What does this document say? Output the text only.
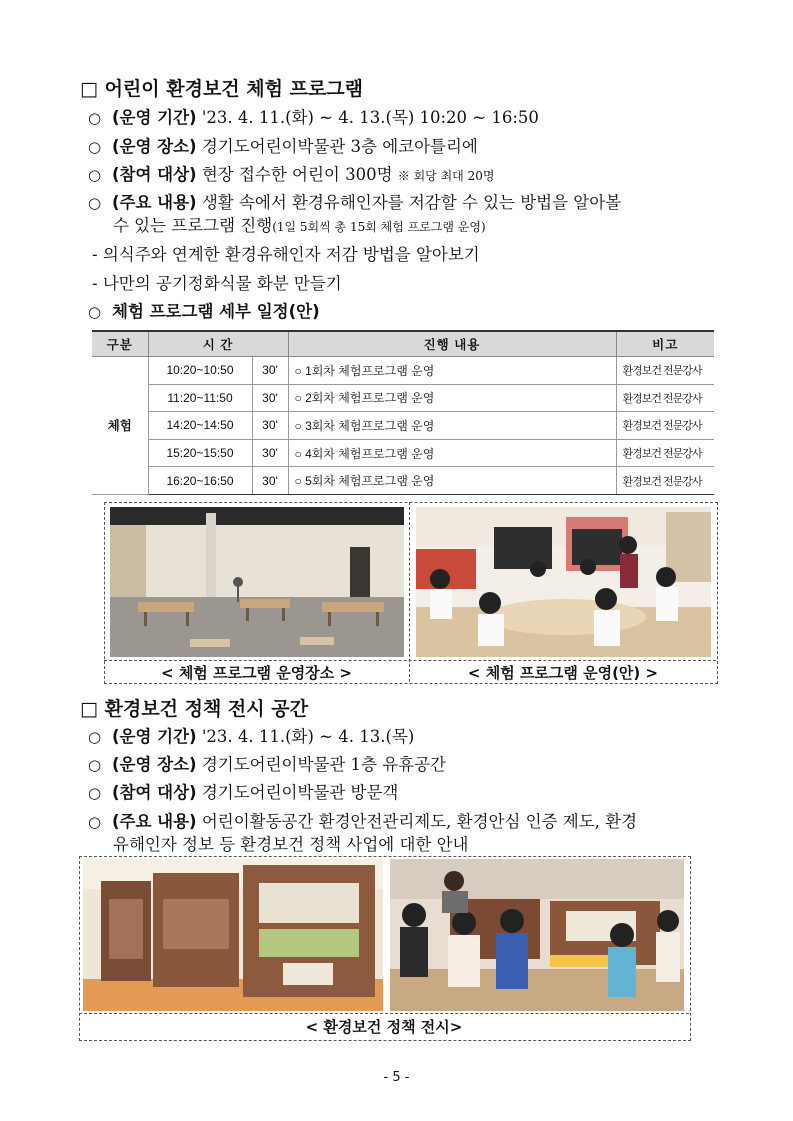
□ 어린이 환경보건 체험 프로그램
○ (운영 기간) '23. 4. 11.(화) ~ 4. 13.(목) 10:20 ~ 16:50
○ (운영 장소) 경기도어린이박물관 3층 에코아틀리에
○ (참여 대상) 현장 접수한 어린이 300명 ※ 회당 최대 20명
○ (주요 내용) 생활 속에서 환경유해인자를 저감할 수 있는 방법을 알아볼
수 있는 프로그램 진행(1일 5회씩 총 15회 체험 프로그램 운영)
- 의식주와 연계한 환경유해인자 저감 방법을 알아보기
- 나만의 공기정화식물 화분 만들기
○ 체험 프로그램 세부 일정(안)
구분	시 간		진행 내용	비고
체험	10:20~10:50	30'	○ 1회차 체험프로그램 운영	환경보건 전문강사
	11:20~11:50	30'	○ 2회차 체험프로그램 운영	환경보건 전문강사
	14:20~14:50	30'	○ 3회차 체험프로그램 운영	환경보건 전문강사
	15:20~15:50	30'	○ 4회차 체험프로그램 운영	환경보건 전문강사
	16:20~16:50	30'	○ 5회차 체험프로그램 운영	환경보건 전문강사
< 체험 프로그램 운영장소 >	< 체험 프로그램 운영(안) >
□ 환경보건 정책 전시 공간
○ (운영 기간) '23. 4. 11.(화) ~ 4. 13.(목)
○ (운영 장소) 경기도어린이박물관 1층 유휴공간
○ (참여 대상) 경기도어린이박물관 방문객
○ (주요 내용) 어린이활동공간 환경안전관리제도, 환경안심 인증 제도, 환경
유해인자 정보 등 환경보건 정책 사업에 대한 안내
< 환경보건 정책 전시>
- 5 -
